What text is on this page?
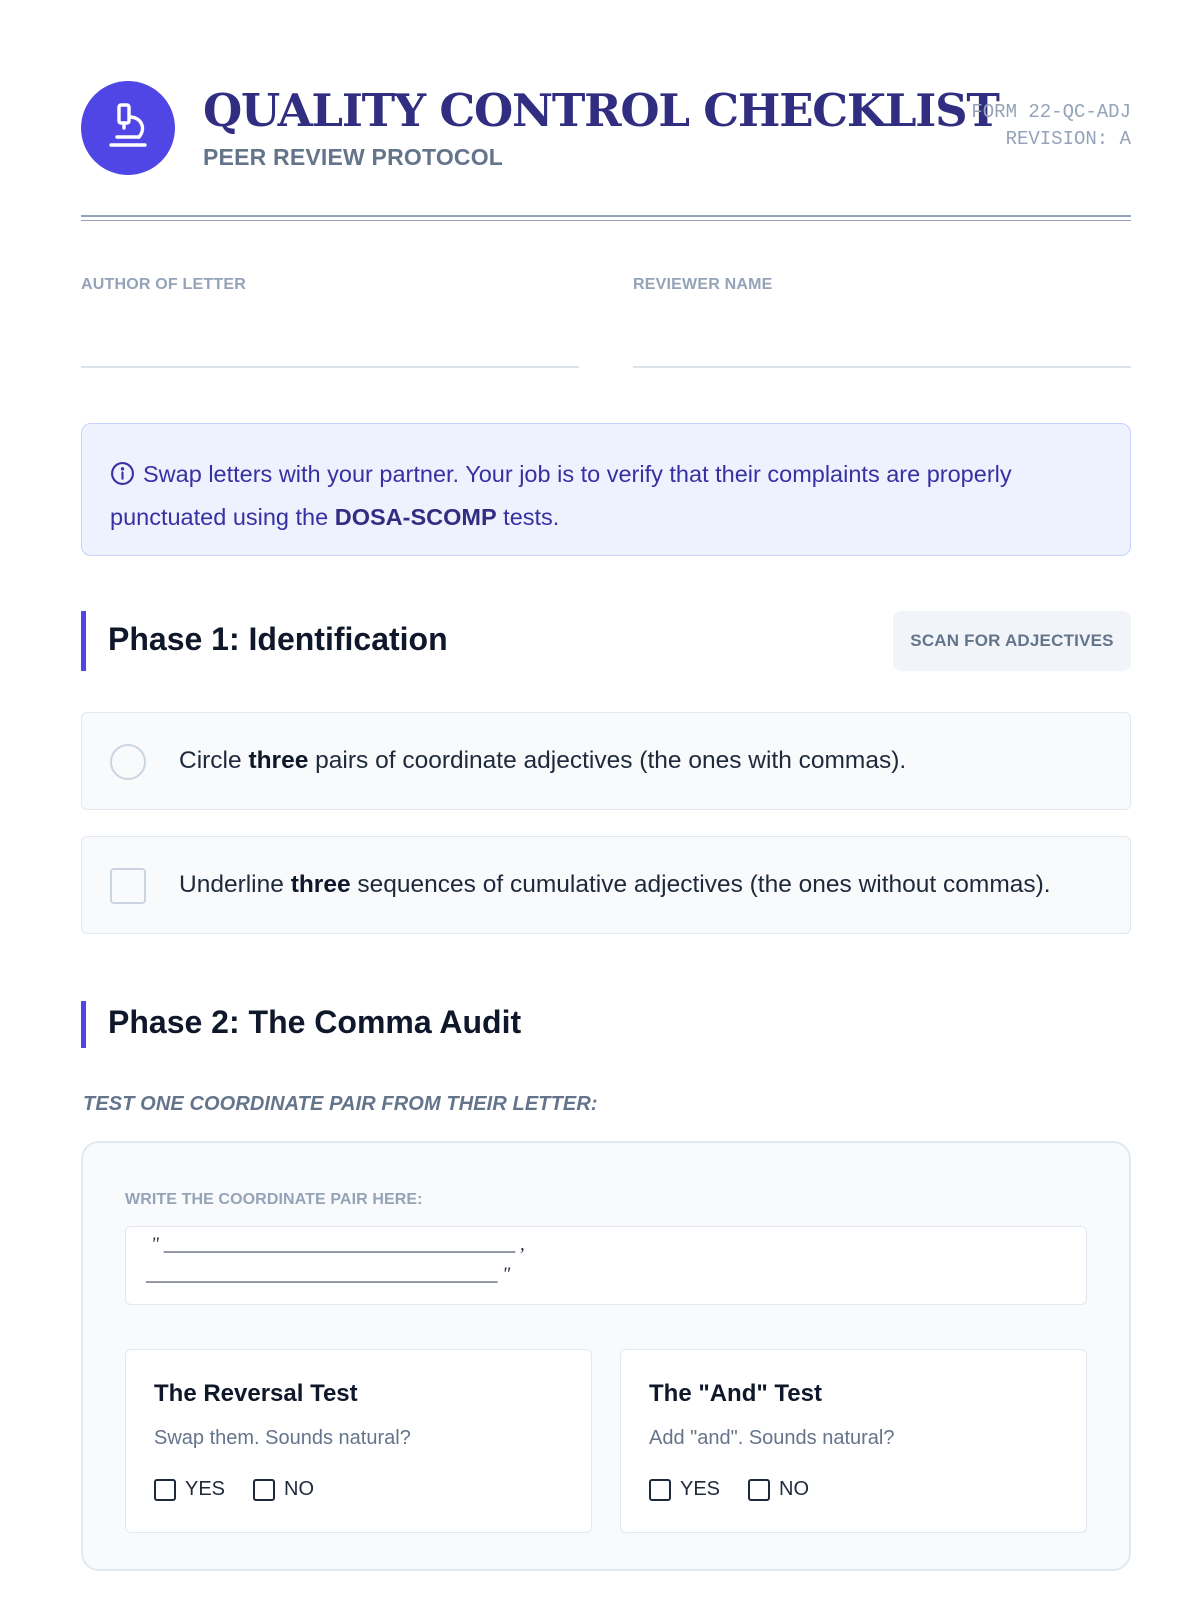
QUALITY CONTROL CHECKLIST
PEER REVIEW PROTOCOL
FORM 22-QC-ADJ
REVISION: A
AUTHOR OF LETTER	REVIEWER NAME
Swap letters with your partner. Your job is to verify that their complaints are properly punctuated using the DOSA-SCOMP tests.
Phase 1: Identification	SCAN FOR ADJECTIVES
Circle
three
pairs of coordinate adjectives (the ones with commas).
Underline
three
sequences of cumulative adjectives (the ones without commas).
Phase 2: The Comma Audit
TEST ONE COORDINATE PAIR FROM THEIR LETTER:
WRITE THE COORDINATE PAIR HERE:
" _____________________________________ ,
_____________________________________ "
The Reversal Test
Swap them. Sounds natural?
YES	NO
The "And" Test
Add "and". Sounds natural?
YES	NO
